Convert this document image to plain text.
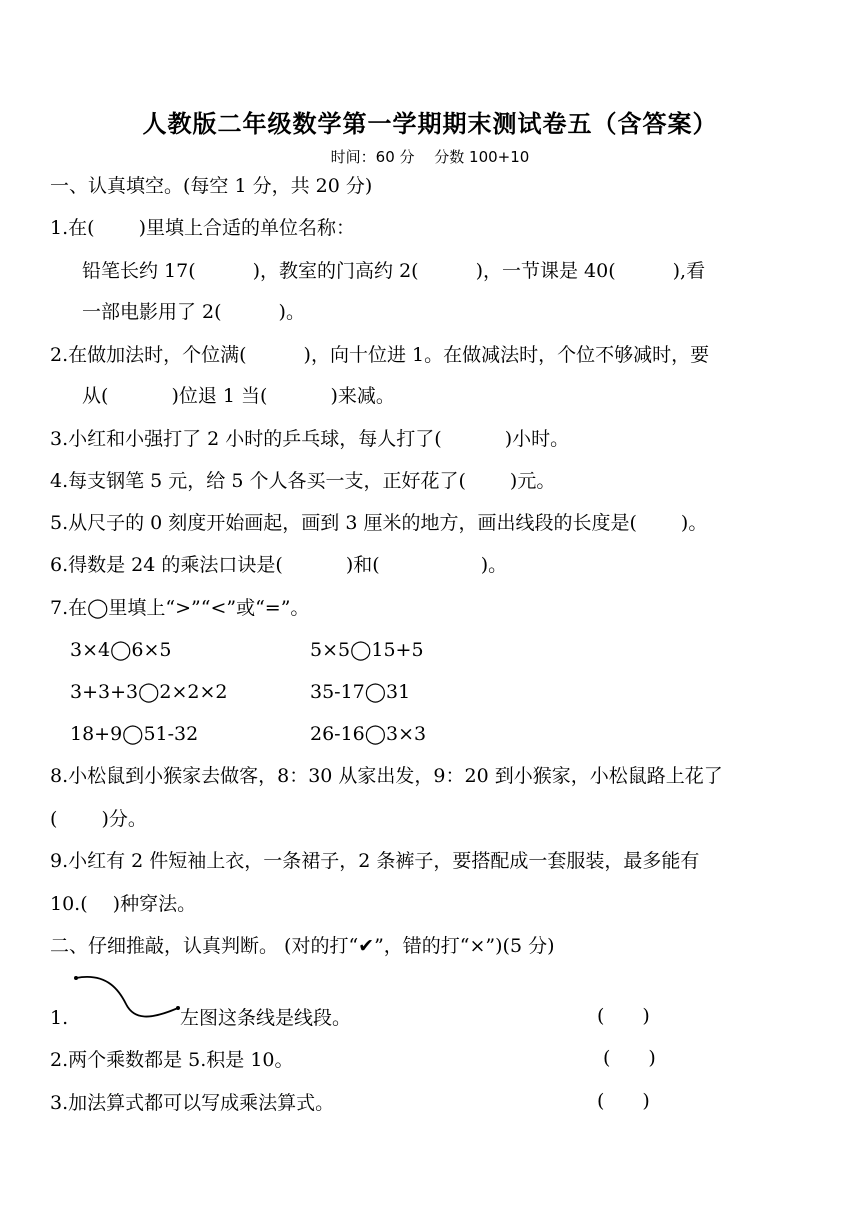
人教版二年级数学第一学期期末测试卷五（含答案）
时间：60 分　 分数 100+10
一、认真填空。(每空 1 分，共 20 分)
1.在(　　 )里填上合适的单位名称：
铅笔长约 17(　　　)，教室的门高约 2(　　　)，一节课是 40(　　　),看
一部电影用了 2(　　　)。
2.在做加法时，个位满(　　　)，向十位进 1。在做减法时，个位不够减时，要
从(　　　 )位退 1 当(　　　 )来减。
3.小红和小强打了 2 小时的乒乓球，每人打了(　　　 )小时。
4.每支钢笔 5 元，给 5 个人各买一支，正好花了(　　 )元。
5.从尺子的 0 刻度开始画起，画到 3 厘米的地方，画出线段的长度是(　　 )。
6.得数是 24 的乘法口诀是(　　　 )和(　　　　　 )。
7.在◯里填上“>”“<”或“=”。
3×4◯6×5	5×5◯15+5
3+3+3◯2×2×2	35-17◯31
18+9◯51-32	26-16◯3×3
8.小松鼠到小猴家去做客，8：30 从家出发，9：20 到小猴家，小松鼠路上花了
(　　 )分。
9.小红有 2 件短袖上衣，一条裙子，2 条裤子，要搭配成一套服装，最多能有
10.(　 )种穿法。
二、仔细推敲，认真判断。 (对的打“✔”，错的打“×”)(5 分)
1.	左图这条线是线段。	(　　)
2.两个乘数都是 5.积是 10。	(　　)
3.加法算式都可以写成乘法算式。	(　　)
